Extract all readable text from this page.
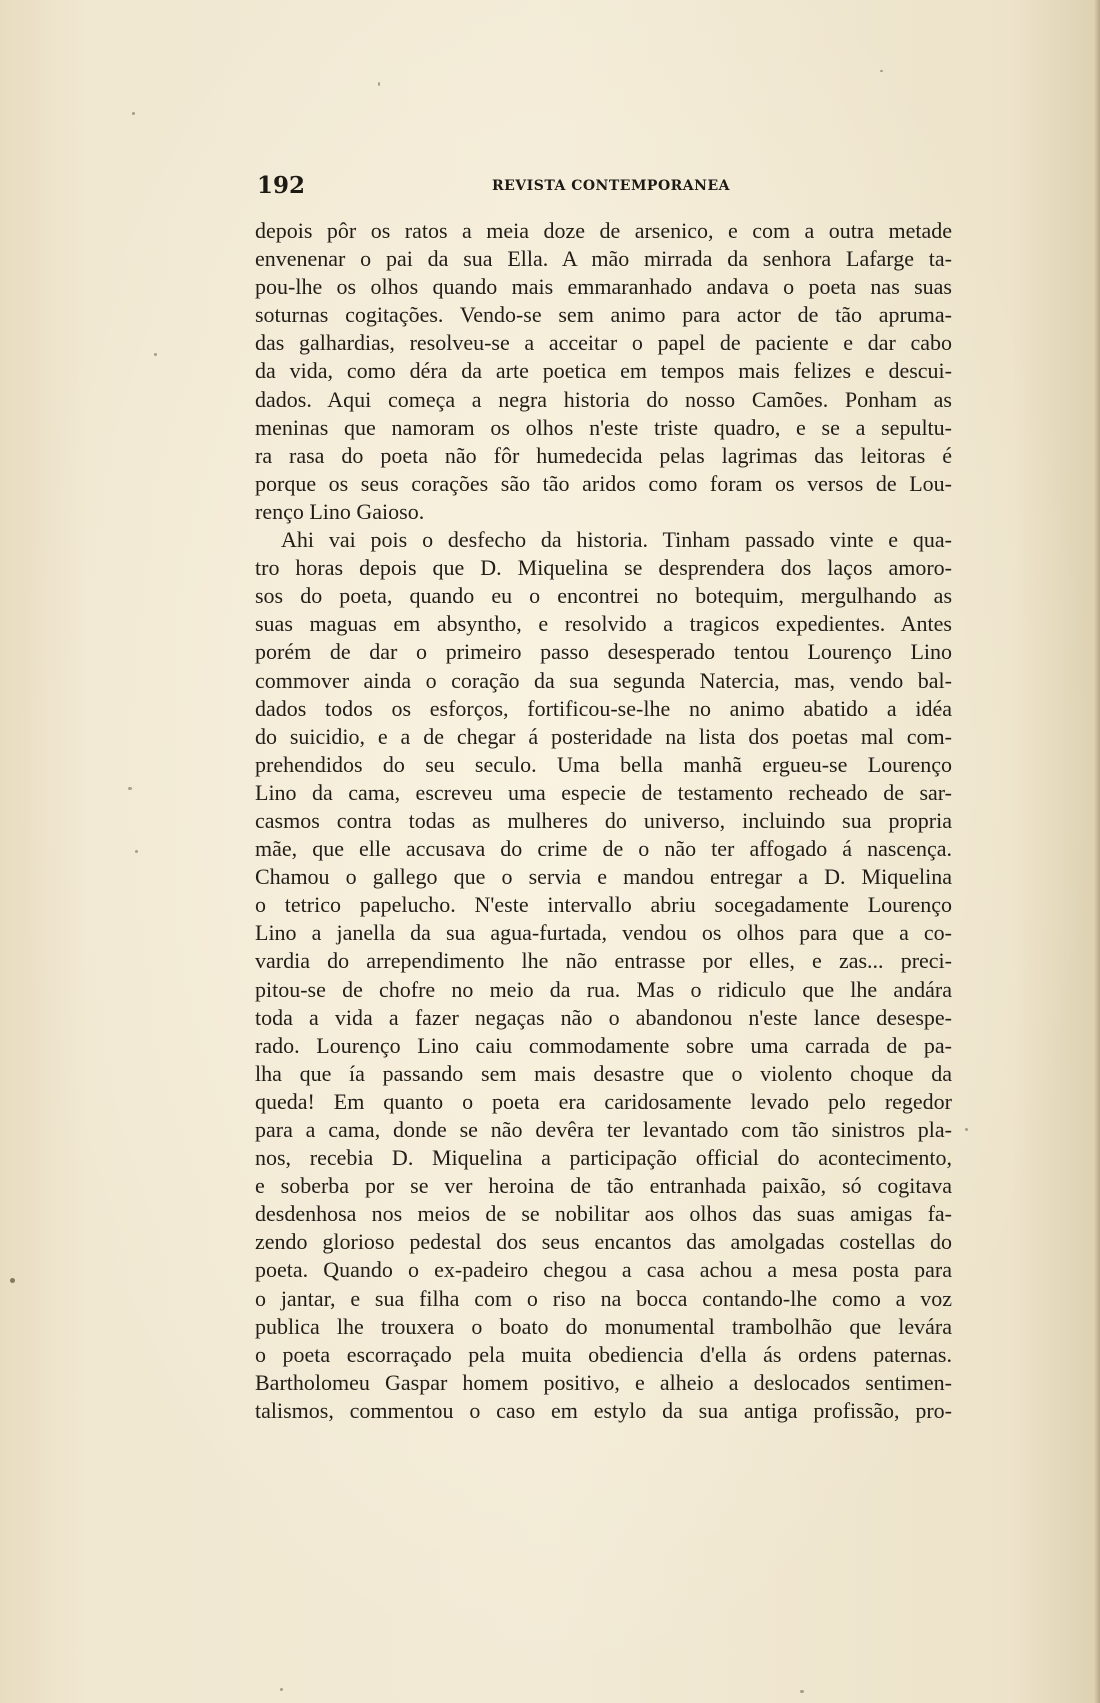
192	REVISTA CONTEMPORANEA
depois pôr os ratos a meia doze de arsenico, e com a outra metade
envenenar o pai da sua Ella. A mão mirrada da senhora Lafarge ta-
pou-lhe os olhos quando mais emmaranhado andava o poeta nas suas
soturnas cogitações. Vendo-se sem animo para actor de tão apruma-
das galhardias, resolveu-se a acceitar o papel de paciente e dar cabo
da vida, como déra da arte poetica em tempos mais felizes e descui-
dados. Aqui começa a negra historia do nosso Camões. Ponham as
meninas que namoram os olhos n'este triste quadro, e se a sepultu-
ra rasa do poeta não fôr humedecida pelas lagrimas das leitoras é
porque os seus corações são tão aridos como foram os versos de Lou-
renço Lino Gaioso.
Ahi vai pois o desfecho da historia. Tinham passado vinte e qua-
tro horas depois que D. Miquelina se desprendera dos laços amoro-
sos do poeta, quando eu o encontrei no botequim, mergulhando as
suas maguas em absyntho, e resolvido a tragicos expedientes. Antes
porém de dar o primeiro passo desesperado tentou Lourenço Lino
commover ainda o coração da sua segunda Natercia, mas, vendo bal-
dados todos os esforços, fortificou-se-lhe no animo abatido a idéa
do suicidio, e a de chegar á posteridade na lista dos poetas mal com-
prehendidos do seu seculo. Uma bella manhã ergueu-se Lourenço
Lino da cama, escreveu uma especie de testamento recheado de sar-
casmos contra todas as mulheres do universo, incluindo sua propria
mãe, que elle accusava do crime de o não ter affogado á nascença.
Chamou o gallego que o servia e mandou entregar a D. Miquelina
o tetrico papelucho. N'este intervallo abriu socegadamente Lourenço
Lino a janella da sua agua-furtada, vendou os olhos para que a co-
vardia do arrependimento lhe não entrasse por elles, e zas... preci-
pitou-se de chofre no meio da rua. Mas o ridiculo que lhe andára
toda a vida a fazer negaças não o abandonou n'este lance desespe-
rado. Lourenço Lino caiu commodamente sobre uma carrada de pa-
lha que ía passando sem mais desastre que o violento choque da
queda! Em quanto o poeta era caridosamente levado pelo regedor
para a cama, donde se não devêra ter levantado com tão sinistros pla-
nos, recebia D. Miquelina a participação official do acontecimento,
e soberba por se ver heroina de tão entranhada paixão, só cogitava
desdenhosa nos meios de se nobilitar aos olhos das suas amigas fa-
zendo glorioso pedestal dos seus encantos das amolgadas costellas do
poeta. Quando o ex-padeiro chegou a casa achou a mesa posta para
o jantar, e sua filha com o riso na bocca contando-lhe como a voz
publica lhe trouxera o boato do monumental trambolhão que levára
o poeta escorraçado pela muita obediencia d'ella ás ordens paternas.
Bartholomeu Gaspar homem positivo, e alheio a deslocados sentimen-
talismos, commentou o caso em estylo da sua antiga profissão, pro-
